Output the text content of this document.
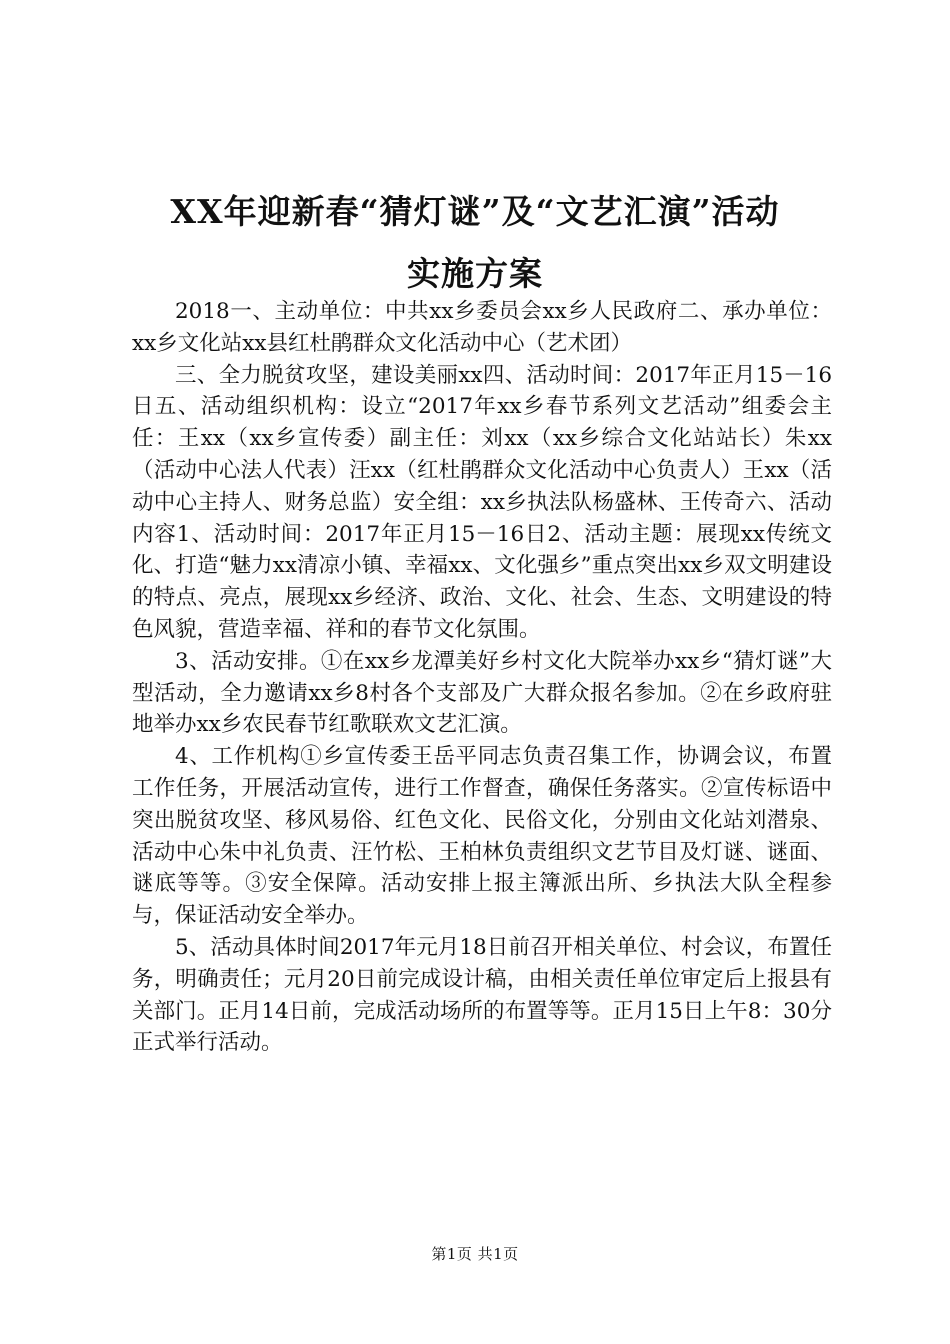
XX年迎新春“猜灯谜”及“文艺汇演”活动
实施方案

2018一、主动单位：中共xx乡委员会xx乡人民政府二、承办单位：xx乡文化站xx县红杜鹃群众文化活动中心（艺术团）

三、全力脱贫攻坚，建设美丽xx四、活动时间：2017年正月15－16日五、活动组织机构：设立“2017年xx乡春节系列文艺活动”组委会主任：王xx（xx乡宣传委）副主任：刘xx（xx乡综合文化站站长）朱xx（活动中心法人代表）汪xx（红杜鹃群众文化活动中心负责人）王xx（活动中心主持人、财务总监）安全组：xx乡执法队杨盛林、王传奇六、活动内容1、活动时间：2017年正月15－16日2、活动主题：展现xx传统文化、打造“魅力xx清凉小镇、幸福xx、文化强乡”重点突出xx乡双文明建设的特点、亮点，展现xx乡经济、政治、文化、社会、生态、文明建设的特色风貌，营造幸福、祥和的春节文化氛围。

3、活动安排。①在xx乡龙潭美好乡村文化大院举办xx乡“猜灯谜”大型活动，全力邀请xx乡8村各个支部及广大群众报名参加。②在乡政府驻地举办xx乡农民春节红歌联欢文艺汇演。

4、工作机构①乡宣传委王岳平同志负责召集工作，协调会议，布置工作任务，开展活动宣传，进行工作督查，确保任务落实。②宣传标语中突出脱贫攻坚、移风易俗、红色文化、民俗文化，分别由文化站刘潜泉、活动中心朱中礼负责、汪竹松、王柏林负责组织文艺节目及灯谜、谜面、谜底等等。③安全保障。活动安排上报主簿派出所、乡执法大队全程参与，保证活动安全举办。

5、活动具体时间2017年元月18日前召开相关单位、村会议，布置任务，明确责任；元月20日前完成设计稿，由相关责任单位审定后上报县有关部门。正月14日前，完成活动场所的布置等等。正月15日上午8：30分正式举行活动。

第1页 共1页
